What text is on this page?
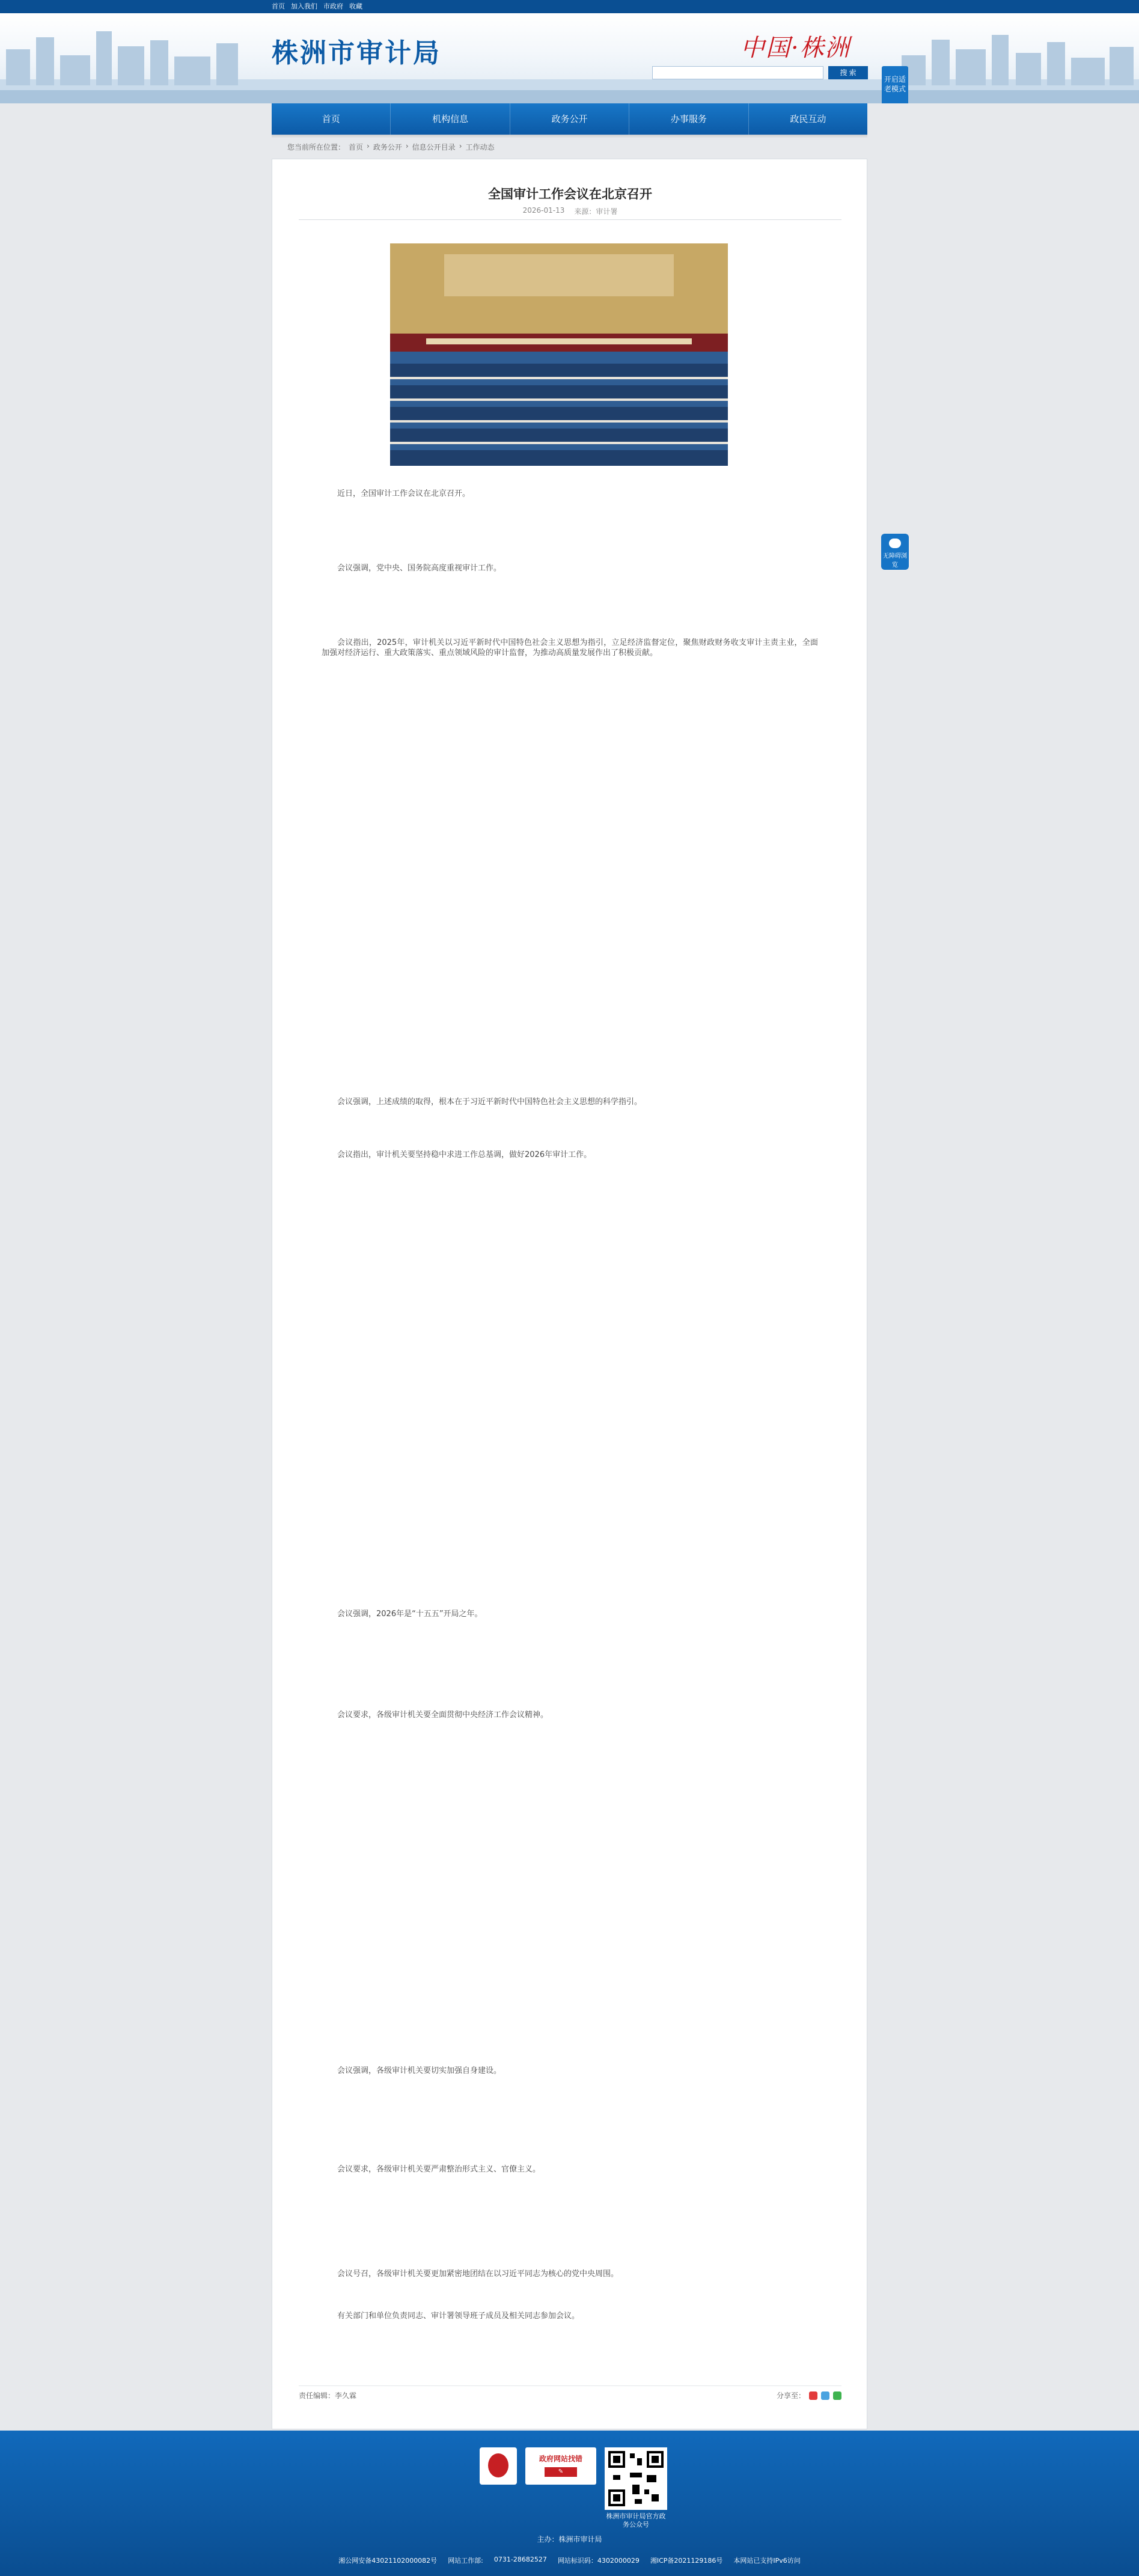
首页 加入我们 市政府 收藏
株洲市审计局	中国·株洲
搜 索
开启适老模式
无障碍浏览
首页	机构信息	政务公开	办事服务	政民互动
您当前所在位置： 首页 › 政务公开 › 信息公开目录 › 工作动态
全国审计工作会议在北京召开
2026-01-13 来源：审计署

近日，全国审计工作会议在北京召开。

会议强调，党中央、国务院高度重视审计工作。

会议指出，2025年，审计机关以习近平新时代中国特色社会主义思想为指引，立足经济监督定位，聚焦财政财务收支审计主责主业，全面加强对经济运行、重大政策落实、重点领域风险的审计监督，为推动高质量发展作出了积极贡献。

会议强调，上述成绩的取得，根本在于习近平新时代中国特色社会主义思想的科学指引。

会议指出，审计机关要坚持稳中求进工作总基调，做好2026年审计工作。

会议强调，2026年是“十五五”开局之年。

会议要求，各级审计机关要全面贯彻中央经济工作会议精神。

会议强调，各级审计机关要切实加强自身建设。

会议要求，各级审计机关要严肃整治形式主义、官僚主义。

会议号召，各级审计机关要更加紧密地团结在以习近平同志为核心的党中央周围。

有关部门和单位负责同志、审计署领导班子成员及相关同志参加会议。

责任编辑：李久霖	分享至：
政府网站找错
✎
株洲市审计局官方政务公众号
主办：株洲市审计局
湘公网安备43021102000082号 网站工作部: 0731-28682527 网站标识码：4302000029 湘ICP备2021129186号 本网站已支持IPv6访问
